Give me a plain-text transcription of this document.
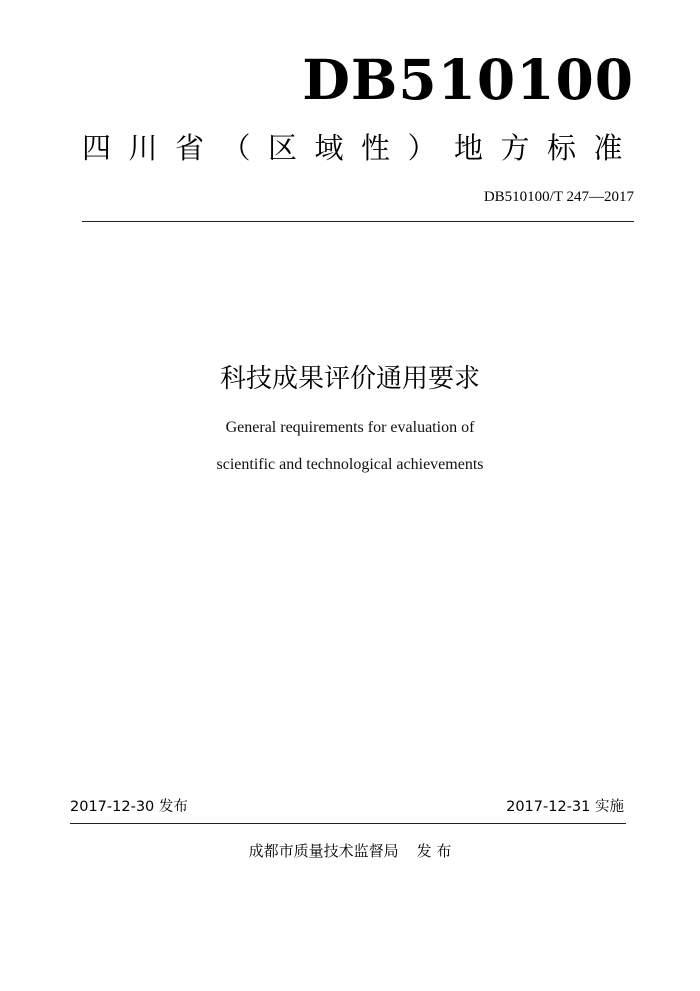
DB510100
四川省（区域性）地方标准
DB510100/T 247—2017
科技成果评价通用要求
General requirements for evaluation of
scientific and technological achievements
2017-12-30 发布	2017-12-31 实施
成都市质量技术监督局 发 布
